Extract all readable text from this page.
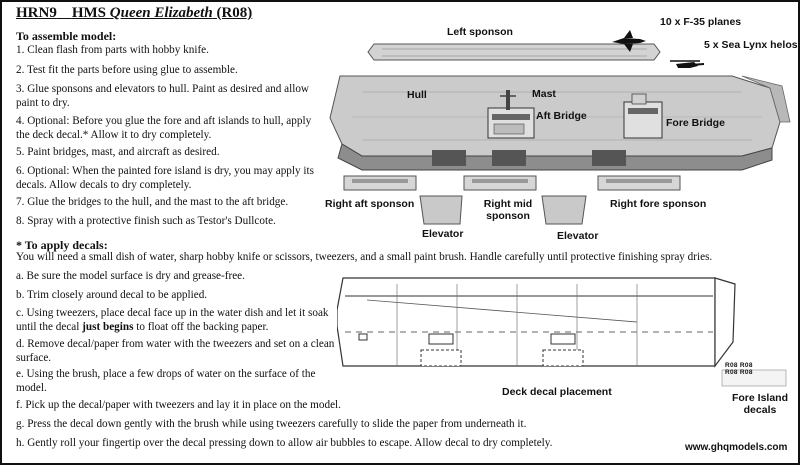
HRN9 HMS Queen Elizabeth (R08)
To assemble model:
1. Clean flash from parts with hobby knife.
2. Test fit the parts before using glue to assemble.
3. Glue sponsons and elevators to hull. Paint as desired and allow paint to dry.
4. Optional: Before you glue the fore and aft islands to hull, apply the deck decal.* Allow it to dry completely.
5. Paint bridges, mast, and aircraft as desired.
6. Optional: When the painted fore island is dry, you may apply its decals. Allow decals to dry completely.
7. Glue the bridges to the hull, and the mast to the aft bridge.
8. Spray with a protective finish such as Testor's Dullcote.
* To apply decals:
You will need a small dish of water, sharp hobby knife or scissors, tweezers, and a small paint brush. Handle carefully until protective finishing spray dries.
a. Be sure the model surface is dry and grease-free.
b. Trim closely around decal to be applied.
c. Using tweezers, place decal face up in the water dish and let it soak until the decal just begins to float off the backing paper.
d. Remove decal/paper from water with the tweezers and set on a clean surface.
e. Using the brush, place a few drops of water on the surface of the model.
f. Pick up the decal/paper with tweezers and lay it in place on the model.
g. Press the decal down gently with the brush while using tweezers carefully to slide the paper from underneath it.
h. Gently roll your fingertip over the decal pressing down to allow air bubbles to escape. Allow decal to dry completely.
Left sponson
10 x F-35 planes
5 x Sea Lynx helos
Hull	Mast
Aft Bridge
Fore Bridge
Right aft sponson	Right mid
sponson
Right fore sponson
Elevator	Elevator
R08 R08
R08 R08
Deck decal placement	Fore Island
decals
www.ghqmodels.com
